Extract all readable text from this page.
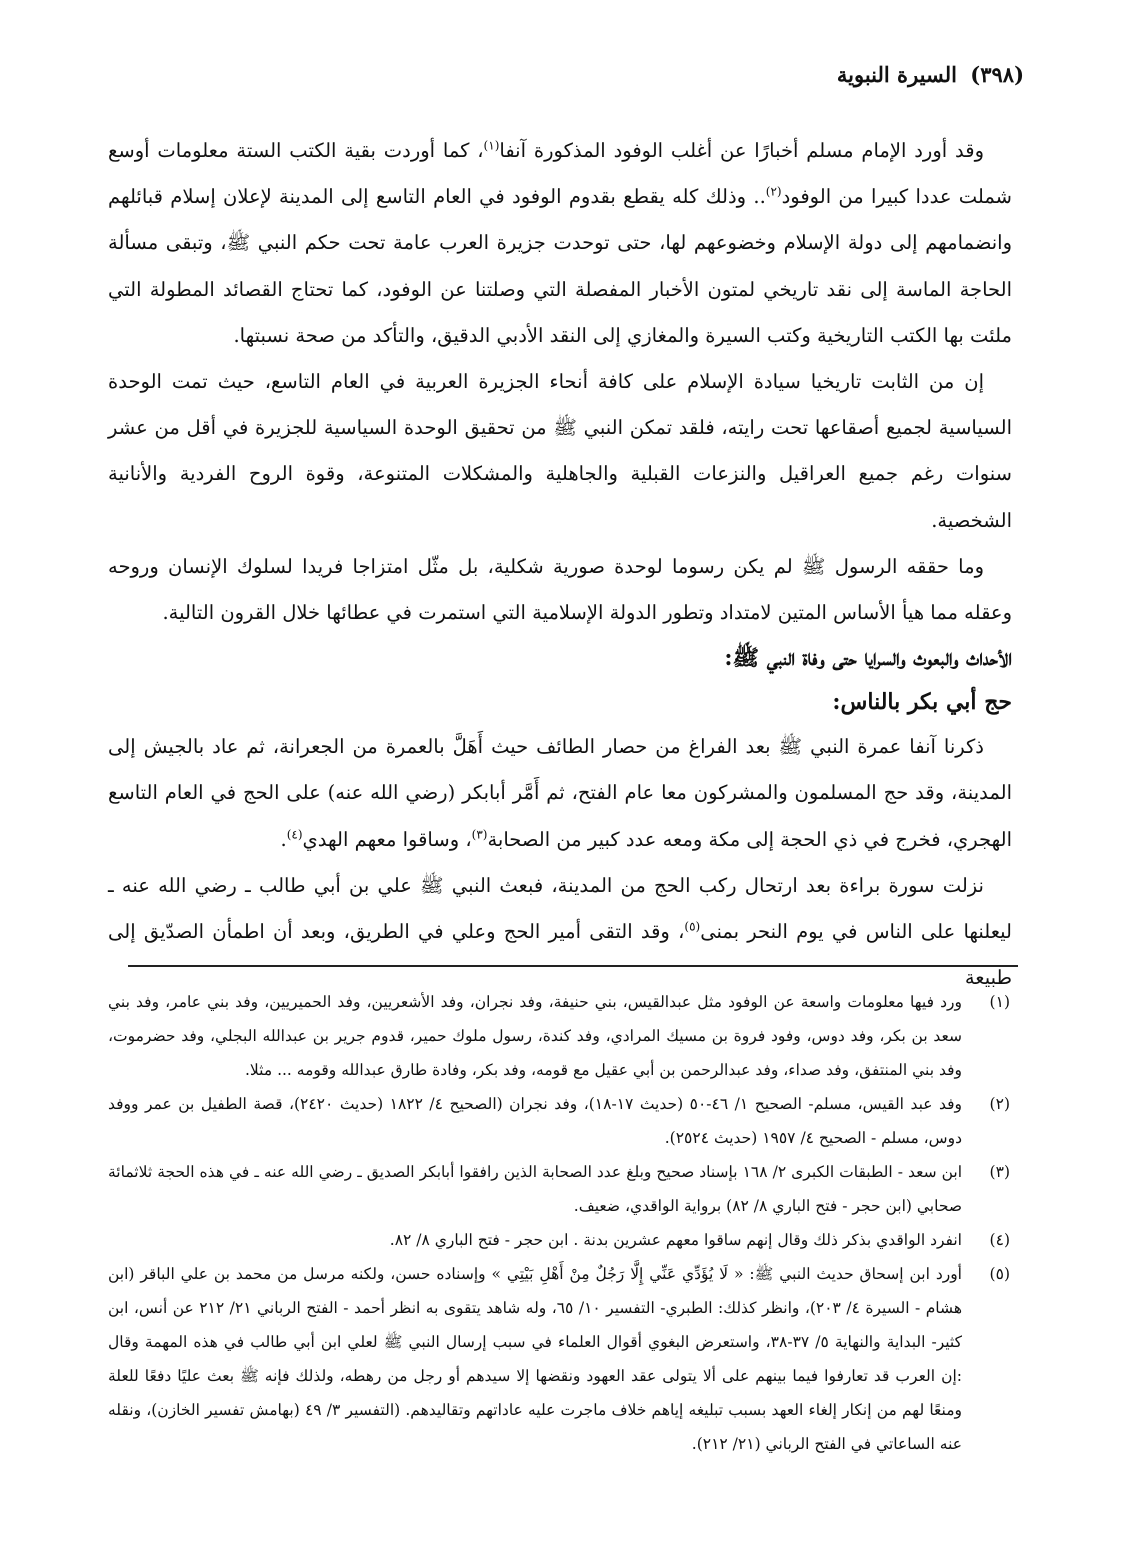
(٣٩٨) السيرة النبوية

وقد أورد الإمام مسلم أخبارًا عن أغلب الوفود المذكورة آنفا$^{(١)}$، كما أوردت بقية الكتب الستة معلومات أوسع شملت عددا كبيرا من الوفود$^{(٢)}$.. وذلك كله يقطع بقدوم الوفود في العام التاسع إلى المدينة لإعلان إسلام قبائلهم وانضمامهم إلى دولة الإسلام وخضوعهم لها، حتى توحدت جزيرة العرب عامة تحت حكم النبي ﷺ، وتبقى مسألة الحاجة الماسة إلى نقد تاريخي لمتون الأخبار المفصلة التي وصلتنا عن الوفود، كما تحتاج القصائد المطولة التي ملئت بها الكتب التاريخية وكتب السيرة والمغازي إلى النقد الأدبي الدقيق، والتأكد من صحة نسبتها.

إن من الثابت تاريخيا سيادة الإسلام على كافة أنحاء الجزيرة العربية في العام التاسع، حيث تمت الوحدة السياسية لجميع أصقاعها تحت رايته، فلقد تمكن النبي ﷺ من تحقيق الوحدة السياسية للجزيرة في أقل من عشر سنوات رغم جميع العراقيل والنزعات القبلية والجاهلية والمشكلات المتنوعة، وقوة الروح الفردية والأنانية الشخصية.

وما حققه الرسول ﷺ لم يكن رسوما لوحدة صورية شكلية، بل مثّل امتزاجا فريدا لسلوك الإنسان وروحه وعقله مما هيأ الأساس المتين لامتداد وتطور الدولة الإسلامية التي استمرت في عطائها خلال القرون التالية.

الأحداث والبعوث والسرايا حتى وفاة النبي ﷺ:

حج أبي بكر بالناس:

ذكرنا آنفا عمرة النبي ﷺ بعد الفراغ من حصار الطائف حيث أَهَلَّ بالعمرة من الجعرانة، ثم عاد بالجيش إلى المدينة، وقد حج المسلمون والمشركون معا عام الفتح، ثم أَمَّر أبابكر (رضي الله عنه) على الحج في العام التاسع الهجري، فخرج في ذي الحجة إلى مكة ومعه عدد كبير من الصحابة$^{(٣)}$، وساقوا معهم الهدي$^{(٤)}$.

نزلت سورة براءة بعد ارتحال ركب الحج من المدينة، فبعث النبي ﷺ علي بن أبي طالب ـ رضي الله عنه ـ ليعلنها على الناس في يوم النحر بمنى$^{(٥)}$، وقد التقى أمير الحج وعلي في الطريق، وبعد أن اطمأن الصدّيق إلى طبيعة

(١)
ورد فيها معلومات واسعة عن الوفود مثل عبدالقيس، بني حنيفة، وفد نجران، وفد الأشعريين، وفد الحميريين، وفد بني عامر، وفد بني سعد بن بكر، وفد دوس، وفود فروة بن مسيك المرادي، وفد كندة، رسول ملوك حمير، قدوم جرير بن عبدالله البجلي، وفد حضرموت، وفد بني المنتفق، وفد صداء، وفد عبدالرحمن بن أبي عقيل مع قومه، وفد بكر، وفادة طارق عبدالله وقومه ... مثلا.
(٢)
وفد عبد القيس، مسلم- الصحيح ١/ ٤٦-٥٠ (حديث ١٧-١٨)، وفد نجران (الصحيح ٤/ ١٨٢٢ (حديث ٢٤٢٠)، قصة الطفيل بن عمر ووفد دوس، مسلم - الصحيح ٤/ ١٩٥٧ (حديث ٢٥٢٤).
(٣)
ابن سعد - الطبقات الكبرى ٢/ ١٦٨ بإسناد صحيح وبلغ عدد الصحابة الذين رافقوا أبابكر الصديق ـ رضي الله عنه ـ في هذه الحجة ثلاثمائة صحابي (ابن حجر - فتح الباري ٨/ ٨٢) برواية الواقدي، ضعيف.
(٤)
انفرد الواقدي بذكر ذلك وقال إنهم ساقوا معهم عشرين بدنة . ابن حجر - فتح الباري ٨/ ٨٢.
(٥)
أورد ابن إسحاق حديث النبي ﷺ: « لَا يُؤَدِّي عَنِّي إِلَّا رَجُلٌ مِنْ أَهْلِ بَيْتِي » وإسناده حسن، ولكنه مرسل من محمد بن علي الباقر (ابن هشام - السيرة ٤/ ٢٠٣)، وانظر كذلك: الطبري- التفسير ١٠/ ٦٥، وله شاهد يتقوى به انظر أحمد - الفتح الرباني ٢١/ ٢١٢ عن أنس، ابن كثير- البداية والنهاية ٥/ ٣٧-٣٨، واستعرض البغوي أقوال العلماء في سبب إرسال النبي ﷺ لعلي ابن أبي طالب في هذه المهمة وقال :إن العرب قد تعارفوا فيما بينهم على ألا يتولى عقد العهود ونقضها إلا سيدهم أو رجل من رهطه، ولذلك فإنه ﷺ بعث عليًا دفعًا للعلة ومنعًا لهم من إنكار إلغاء العهد بسبب تبليغه إياهم خلاف ماجرت عليه عاداتهم وتقاليدهم. (التفسير ٣/ ٤٩ (بهامش تفسير الخازن)، ونقله عنه الساعاتي في الفتح الرباني (٢١/ ٢١٢).
